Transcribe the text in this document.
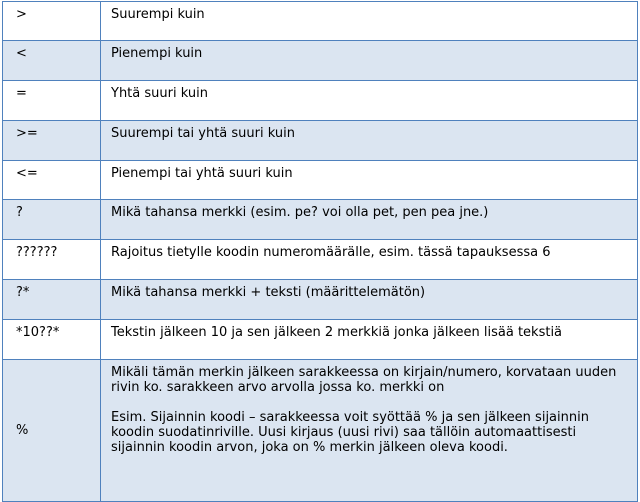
>	Suurempi kuin
<	Pienempi kuin
=	Yhtä suuri kuin
>=	Suurempi tai yhtä suuri kuin
<=	Pienempi tai yhtä suuri kuin
?	Mikä tahansa merkki (esim. pe? voi olla pet, pen pea jne.)
??????	Rajoitus tietylle koodin numeromäärälle, esim. tässä tapauksessa 6
?*	Mikä tahansa merkki + teksti (määrittelemätön)
*10??*	Tekstin jälkeen 10 ja sen jälkeen 2 merkkiä jonka jälkeen lisää tekstiä
%	Mikäli tämän merkin jälkeen sarakkeessa on kirjain/numero, korvataan uuden rivin ko. sarakkeen arvo arvolla jossa ko. merkki on
Esim. Sijainnin koodi – sarakkeessa voit syöttää % ja sen jälkeen sijainnin koodin suodatinriville. Uusi kirjaus (uusi rivi) saa tällöin automaattisesti sijainnin koodin arvon, joka on % merkin jälkeen oleva koodi.
